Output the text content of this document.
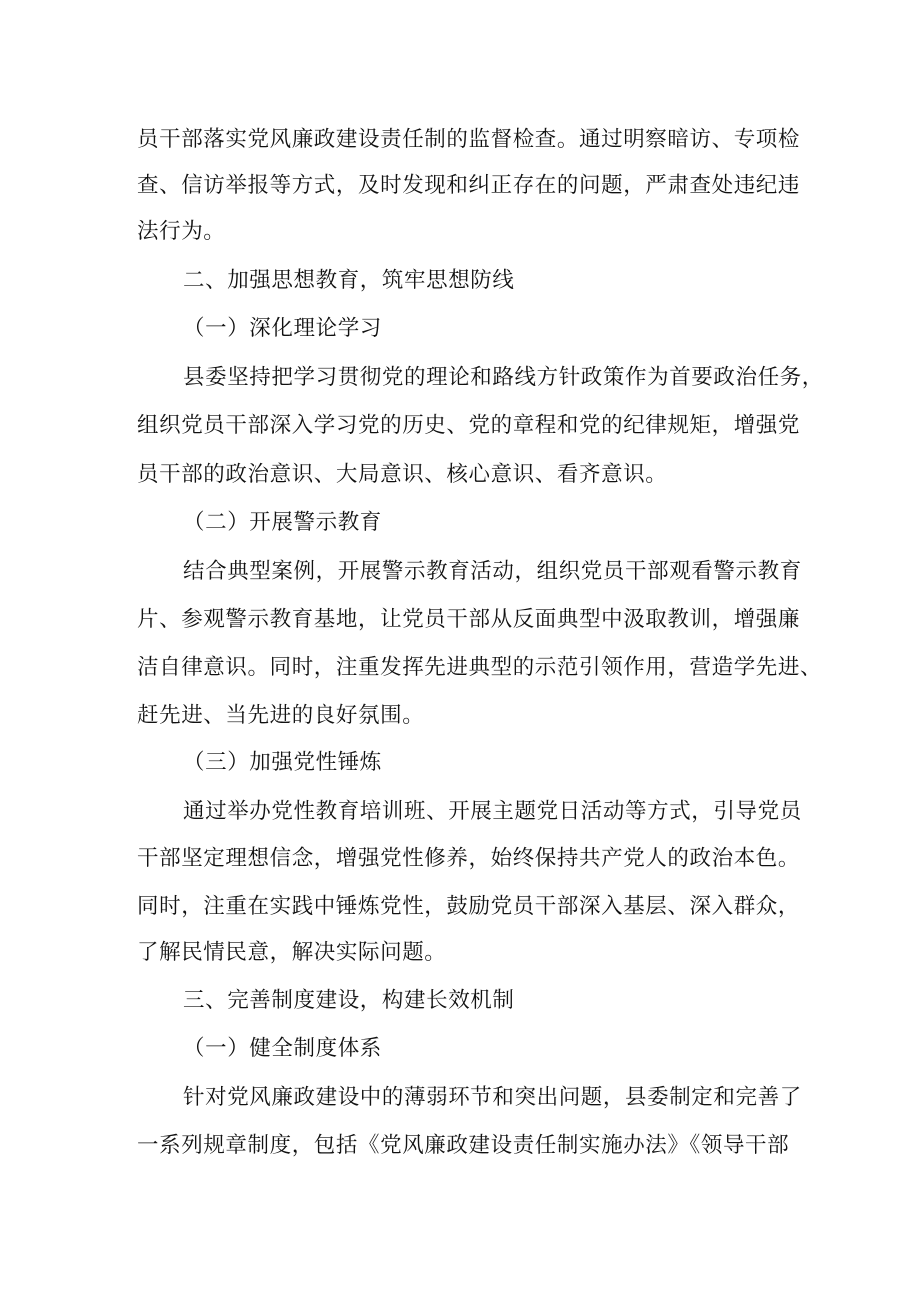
员干部落实党风廉政建设责任制的监督检查。通过明察暗访、专项检
查、信访举报等方式，及时发现和纠正存在的问题，严肃查处违纪违
法行为。
二、加强思想教育，筑牢思想防线
（一）深化理论学习
县委坚持把学习贯彻党的理论和路线方针政策作为首要政治任务，
组织党员干部深入学习党的历史、党的章程和党的纪律规矩，增强党
员干部的政治意识、大局意识、核心意识、看齐意识。
（二）开展警示教育
结合典型案例，开展警示教育活动，组织党员干部观看警示教育
片、参观警示教育基地，让党员干部从反面典型中汲取教训，增强廉
洁自律意识。同时，注重发挥先进典型的示范引领作用，营造学先进、
赶先进、当先进的良好氛围。
（三）加强党性锤炼
通过举办党性教育培训班、开展主题党日活动等方式，引导党员
干部坚定理想信念，增强党性修养，始终保持共产党人的政治本色。
同时，注重在实践中锤炼党性，鼓励党员干部深入基层、深入群众，
了解民情民意，解决实际问题。
三、完善制度建设，构建长效机制
（一）健全制度体系
针对党风廉政建设中的薄弱环节和突出问题，县委制定和完善了
一系列规章制度，包括《党风廉政建设责任制实施办法》《领导干部
